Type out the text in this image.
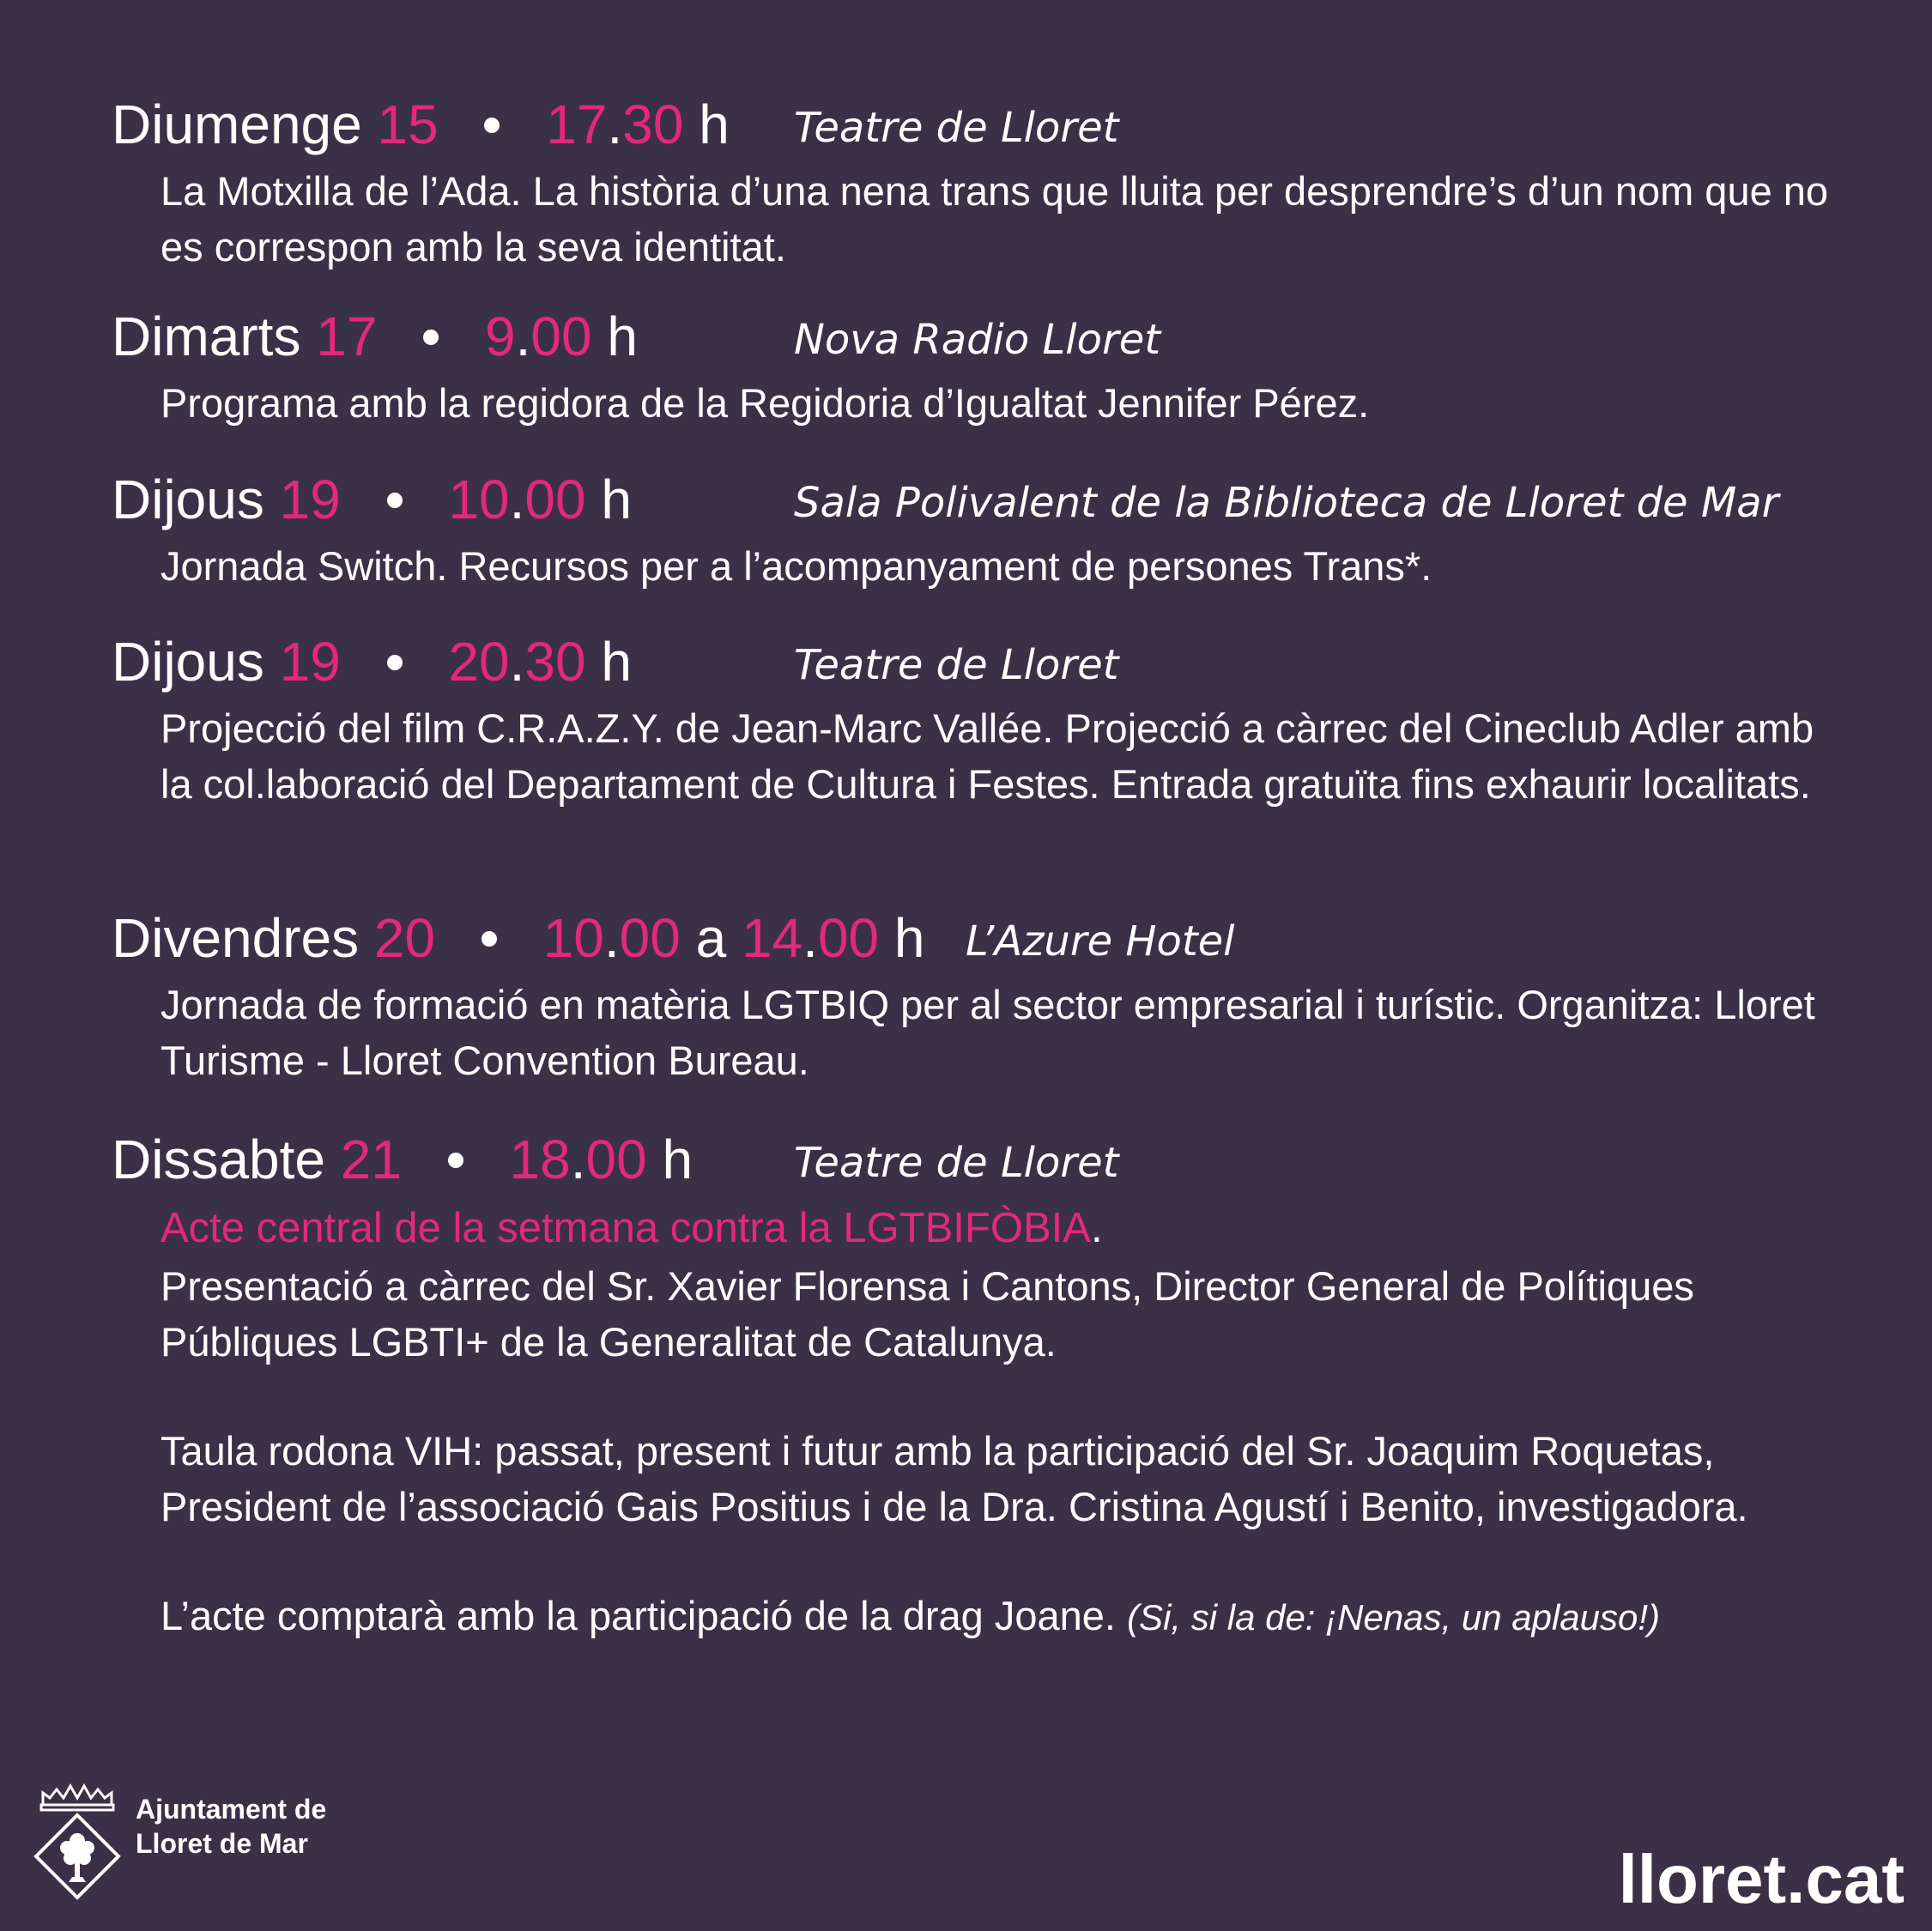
Diumenge 15 17.30 h Teatre de Lloret

La Motxilla de l’Ada. La història d’una nena trans que lluita per desprendre’s d’un nom que no es correspon amb la seva identitat.

Dimarts 17 9.00 h	Nova Radio Lloret

Programa amb la regidora de la Regidoria d’Igualtat Jennifer Pérez.

Dijous 19 10.00 h	Sala Polivalent de la Biblioteca de Lloret de Mar

Jornada Switch. Recursos per a l’acompanyament de persones Trans*.

Dijous 19 20.30 h	Teatre de Lloret

Projecció del film C.R.A.Z.Y. de Jean-Marc Vallée. Projecció a càrrec del Cineclub Adler amb la col.laboració del Departament de Cultura i Festes. Entrada gratuïta fins exhaurir localitats.

Divendres 20 10.00 a 14.00 h L’Azure Hotel

Jornada de formació en matèria LGTBIQ per al sector empresarial i turístic. Organitza: Lloret Turisme - Lloret Convention Bureau.

Dissabte 21 18.00 h Teatre de Lloret

Acte central de la setmana contra la LGTBIFÒBIA.

Presentació a càrrec del Sr. Xavier Florensa i Cantons, Director General de Polítiques Públiques LGBTI+ de la Generalitat de Catalunya.

Taula rodona VIH: passat, present i futur amb la participació del Sr. Joaquim Roquetas, President de l’associació Gais Positius i de la Dra. Cristina Agustí i Benito, investigadora.

L’acte comptarà amb la participació de la drag Joane. (Si, si la de: ¡Nenas, un aplauso!)

Ajuntament de
Lloret de Mar	lloret.cat
